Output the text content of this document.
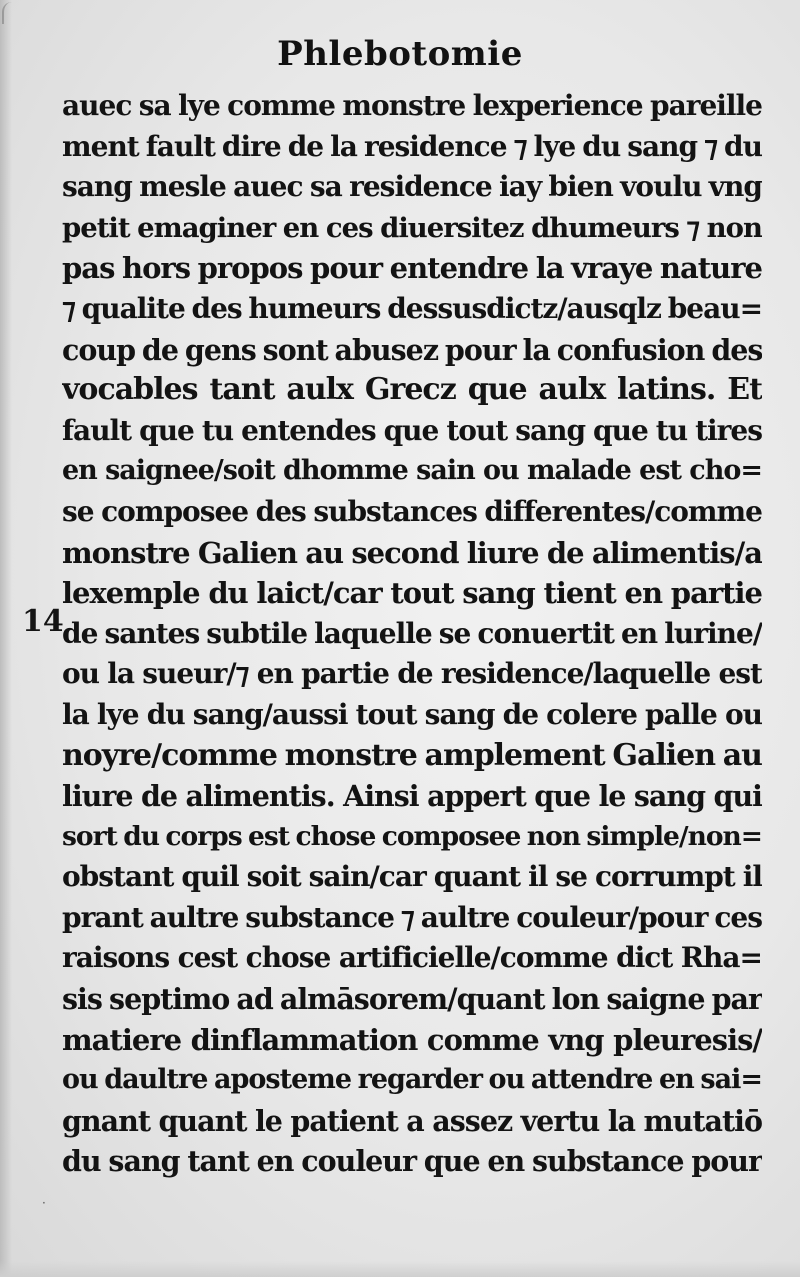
Phlebotomie
14
auec sa lye comme monstre lexperience pareille
ment fault dire de la residence ⁊ lye du sang ⁊ du
sang mesle auec sa residence iay bien voulu vng
petit emaginer en ces diuersitez dhumeurs ⁊ non
pas hors propos pour entendre la vraye nature
⁊ qualite des humeurs dessusdictz/ausqlz beau=
coup de gens sont abusez pour la confusion des
vocables tant aulx Grecz que aulx latins. Et
fault que tu entendes que tout sang que tu tires
en saignee/soit dhomme sain ou malade est cho=
se composee des substances differentes/comme
monstre Galien au second liure de alimentis/a
lexemple du laict/car tout sang tient en partie
de santes subtile laquelle se conuertit en lurine/
ou la sueur/⁊ en partie de residence/laquelle est
la lye du sang/aussi tout sang de colere palle ou
noyre/comme monstre amplement Galien au
liure de alimentis. Ainsi appert que le sang qui
sort du corps est chose composee non simple/non=
obstant quil soit sain/car quant il se corrumpt il
prant aultre substance ⁊ aultre couleur/pour ces
raisons cest chose artificielle/comme dict Rha=
sis septimo ad almāsorem/quant lon saigne par
matiere dinflammation comme vng pleuresis/
ou daultre aposteme regarder ou attendre en sai=
gnant quant le patient a assez vertu la mutatiō
du sang tant en couleur que en substance pour
·
